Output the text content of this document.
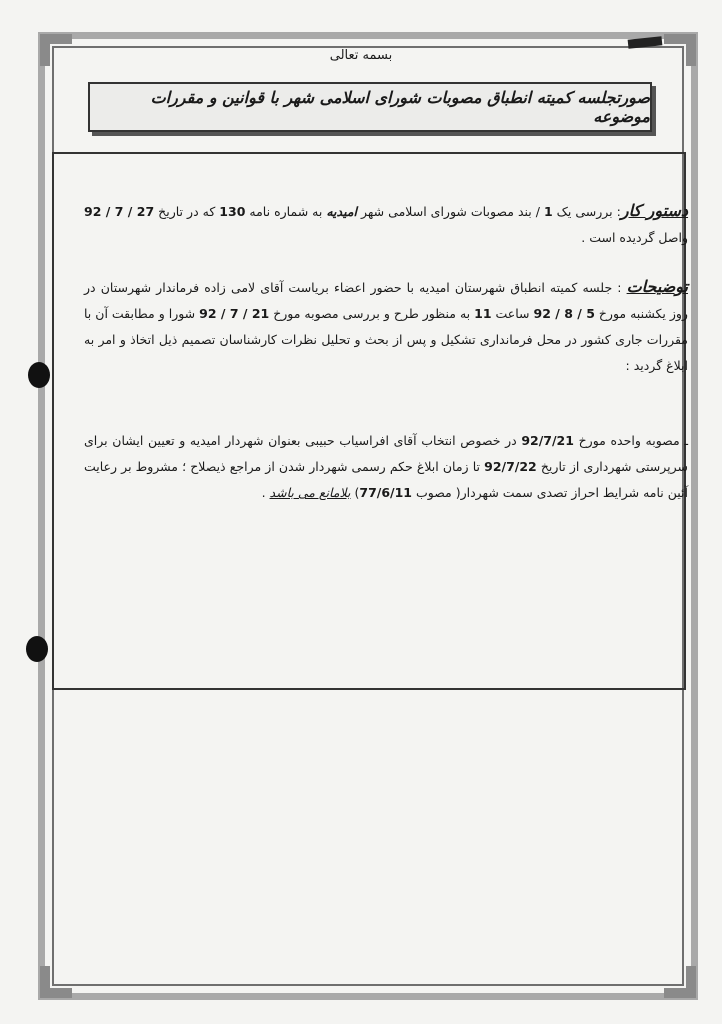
بسمه تعالی
صورتجلسه کمیته انطباق مصوبات شورای اسلامی شهر با قوانین و مقررات موضوعه
دستور کار: بررسی یک 1 / بند مصوبات شورای اسلامی شهر امیدیه به شماره نامه 130 که در تاریخ 27 / 7 / 92 واصل گردیده است .
توضیحات : جلسه کمیته انطباق شهرستان امیدیه با حضور اعضاء بریاست آقای لامی زاده فرماندار شهرستان در روز یکشنبه مورخ 5 / 8 / 92 ساعت 11 به منظور طرح و بررسی مصوبه مورخ 21 / 7 / 92 شورا و مطابقت آن با مقررات جاری کشور در محل فرمانداری تشکیل و پس از بحث و تحلیل نظرات کارشناسان تصمیم ذیل اتخاذ و امر به ابلاغ گردید :
ـ مصوبه واحده مورخ 92/7/21 در خصوص انتخاب آقای افراسیاب حبیبی بعنوان شهردار امیدیه و تعیین ایشان برای سرپرستی شهرداری از تاریخ 92/7/22 تا زمان ابلاغ حکم رسمی شهردار شدن از مراجع ذیصلاح ؛ مشروط بر رعایت آئین نامه شرایط احراز تصدی سمت شهردار( مصوب 77/6/11) بلامانع می باشد .
